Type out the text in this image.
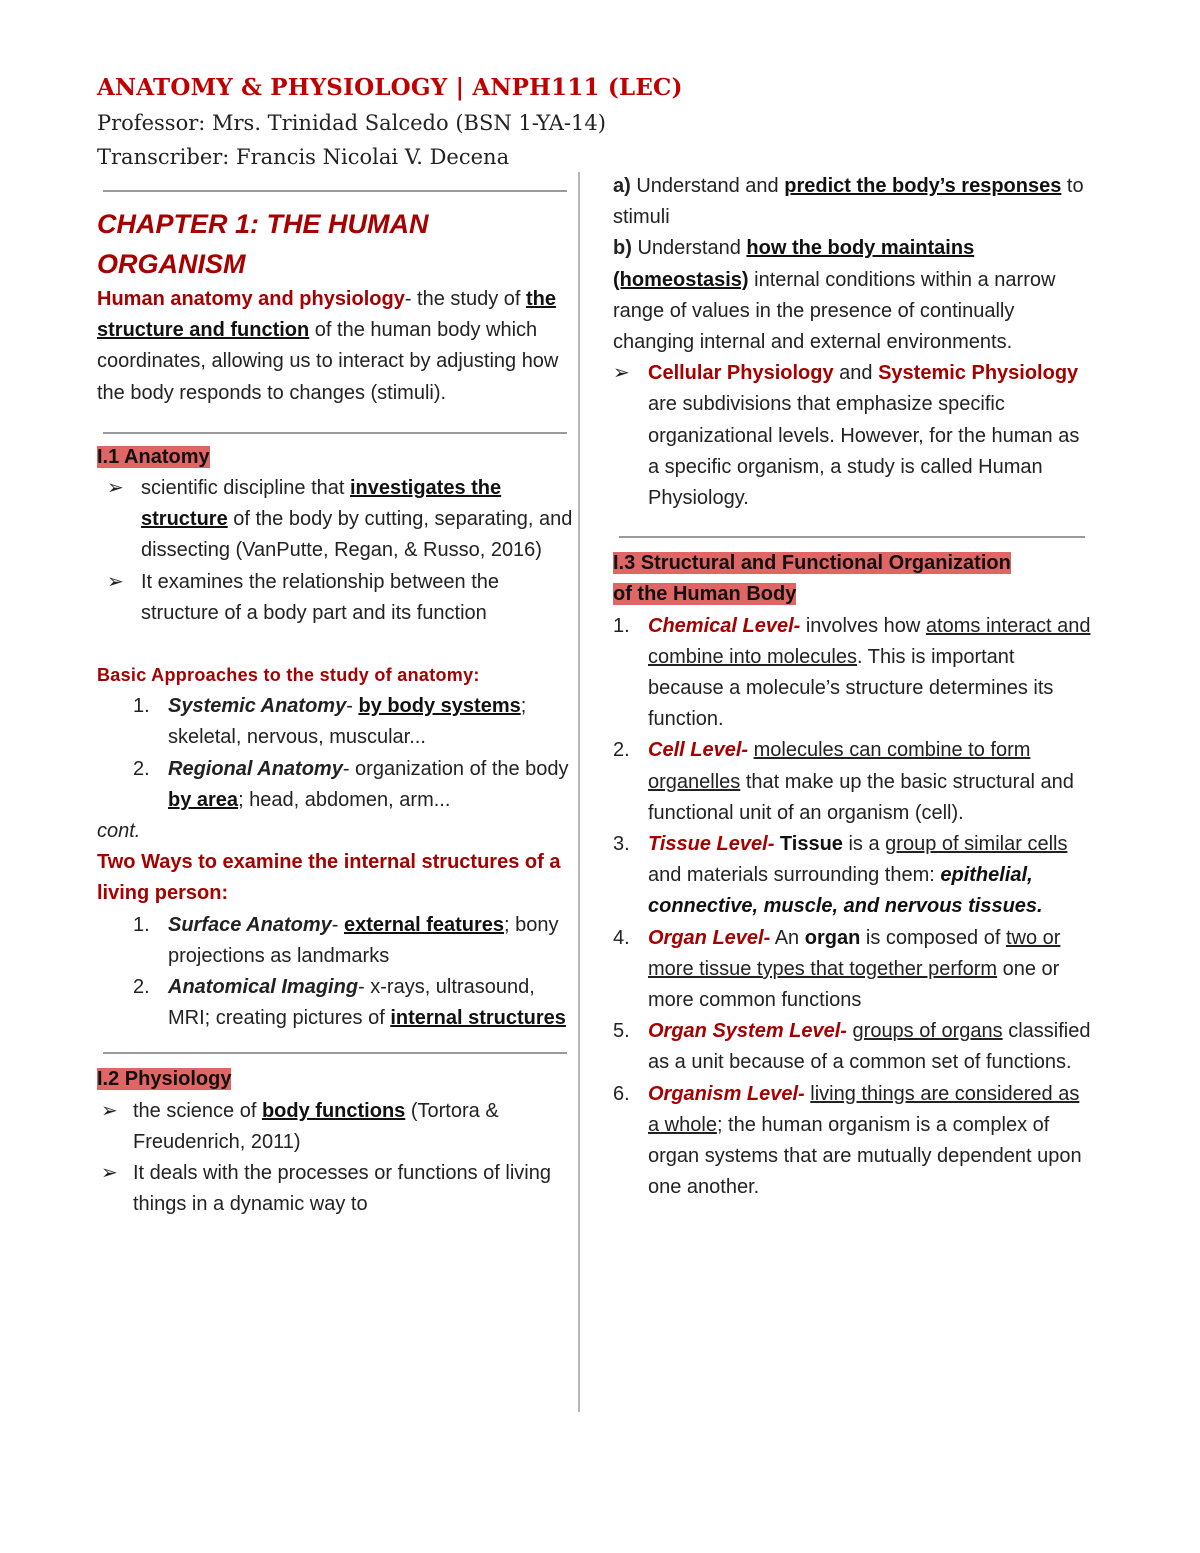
ANATOMY & PHYSIOLOGY | ANPH111 (LEC)
Professor: Mrs. Trinidad Salcedo (BSN 1-YA-14)
Transcriber: Francis Nicolai V. Decena
CHAPTER 1: THE HUMAN
ORGANISM
Human anatomy and physiology- the study of the structure and function of the human body which coordinates, allowing us to interact by adjusting how the body responds to changes (stimuli).
I.1 Anatomy
➢ scientific discipline that investigates the structure of the body by cutting, separating, and dissecting (VanPutte, Regan, & Russo, 2016)
➢ It examines the relationship between the structure of a body part and its function
Basic Approaches to the study of anatomy:
1. Systemic Anatomy- by body systems; skeletal, nervous, muscular...
2. Regional Anatomy- organization of the body by area; head, abdomen, arm...
cont.
Two Ways to examine the internal structures of a living person:
1. Surface Anatomy- external features; bony projections as landmarks
2. Anatomical Imaging- x-rays, ultrasound, MRI; creating pictures of internal structures
I.2 Physiology
➢ the science of body functions (Tortora & Freudenrich, 2011)
➢ It deals with the processes or functions of living things in a dynamic way to
a) Understand and predict the body’s responses to stimuli
b) Understand how the body maintains (homeostasis) internal conditions within a narrow range of values in the presence of continually changing internal and external environments.
➢ Cellular Physiology and Systemic Physiology are subdivisions that emphasize specific organizational levels. However, for the human as a specific organism, a study is called Human Physiology.
I.3 Structural and Functional Organization
of the Human Body
1. Chemical Level- involves how atoms interact and combine into molecules. This is important because a molecule’s structure determines its function.
2. Cell Level- molecules can combine to form organelles that make up the basic structural and functional unit of an organism (cell).
3. Tissue Level- Tissue is a group of similar cells and materials surrounding them: epithelial, connective, muscle, and nervous tissues.
4. Organ Level- An organ is composed of two or more tissue types that together perform one or more common functions
5. Organ System Level- groups of organs classified as a unit because of a common set of functions.
6. Organism Level- living things are considered as a whole; the human organism is a complex of organ systems that are mutually dependent upon one another.
